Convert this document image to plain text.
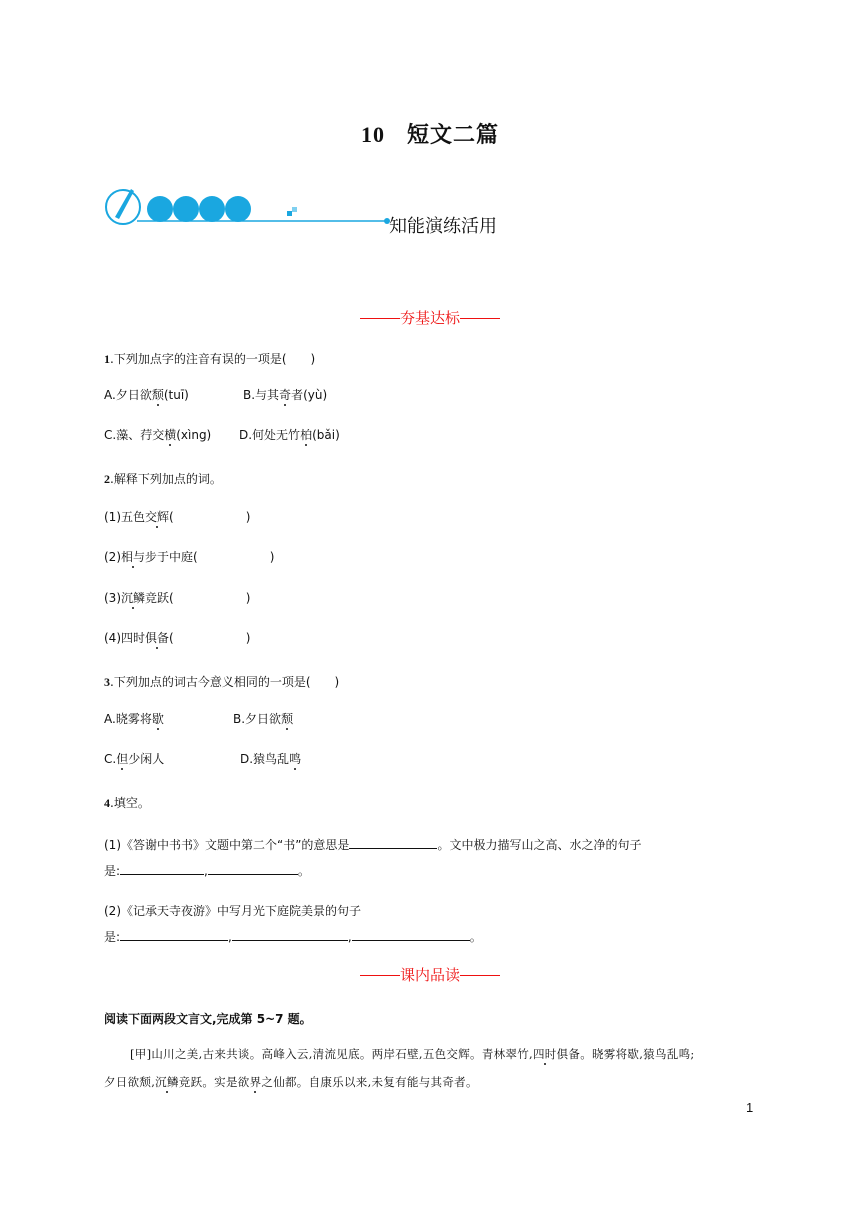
10 短文二篇
知能演练活用
夯基达标
1.下列加点字的注音有误的一项是(　　)
A.夕日欲颓(tuī)	B.与其奇者(yù)
C.藻、荇交横(xìng) D.何处无竹柏(bǎi)
2.解释下列加点的词。
(1)五色交辉(　　　　　　)
(2)相与步于中庭(　　　　　　)
(3)沉鳞竞跃(　　　　　　)
(4)四时俱备(　　　　　　)
3.下列加点的词古今意义相同的一项是(　　)
A.晓雾将歇	B.夕日欲颓
C.但少闲人	D.猿鸟乱鸣
4.填空。
(1)《答谢中书书》文题中第二个“书”的意思是	。文中极力描写山之高、水之净的句子
是:	,	。
(2)《记承天寺夜游》中写月光下庭院美景的句子
是:	,	,	。
课内品读
阅读下面两段文言文,完成第 5~7 题。
[甲]山川之美,古来共谈。高峰入云,清流见底。两岸石壁,五色交辉。青林翠竹,四时俱备。晓雾将歇,猿鸟乱鸣;
夕日欲颓,沉鳞竞跃。实是欲界之仙都。自康乐以来,未复有能与其奇者。
1
